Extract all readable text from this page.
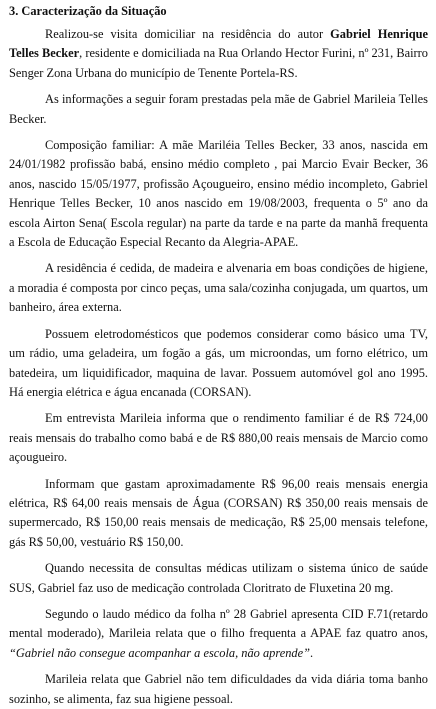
3. Caracterização da Situação

Realizou-se visita domiciliar na residência do autor Gabriel Henrique Telles Becker, residente e domiciliada na Rua Orlando Hector Furini, nº 231, Bairro Senger Zona Urbana do município de Tenente Portela-RS.

As informações a seguir foram prestadas pela mãe de Gabriel Marileia Telles Becker.

Composição familiar: A mãe Mariléia Telles Becker, 33 anos, nascida em 24/01/1982 profissão babá, ensino médio completo , pai Marcio Evair Becker, 36 anos, nascido 15/05/1977, profissão Açougueiro, ensino médio incompleto, Gabriel Henrique Telles Becker, 10 anos nascido em 19/08/2003, frequenta o 5º ano da escola Airton Sena( Escola regular) na parte da tarde e na parte da manhã frequenta a Escola de Educação Especial Recanto da Alegria-APAE.

A residência é cedida, de madeira e alvenaria em boas condições de higiene, a moradia é composta por cinco peças, uma sala/cozinha conjugada, um quartos, um banheiro, área externa.

Possuem eletrodomésticos que podemos considerar como básico uma TV, um rádio, uma geladeira, um fogão a gás, um microondas, um forno elétrico, um batedeira, um liquidificador, maquina de lavar. Possuem automóvel gol ano 1995. Há energia elétrica e água encanada (CORSAN).

Em entrevista Marileia informa que o rendimento familiar é de R$ 724,00 reais mensais do trabalho como babá e de R$ 880,00 reais mensais de Marcio como açougueiro.

Informam que gastam aproximadamente R$ 96,00 reais mensais energia elétrica, R$ 64,00 reais mensais de Água (CORSAN) R$ 350,00 reais mensais de supermercado, R$ 150,00 reais mensais de medicação, R$ 25,00 mensais telefone, gás R$ 50,00, vestuário R$ 150,00.

Quando necessita de consultas médicas utilizam o sistema único de saúde SUS, Gabriel faz uso de medicação controlada Cloritrato de Fluxetina 20 mg.

Segundo o laudo médico da folha nº 28 Gabriel apresenta CID F.71(retardo mental moderado), Marileia relata que o filho frequenta a APAE faz quatro anos, “Gabriel não consegue acompanhar a escola, não aprende”.

Marileia relata que Gabriel não tem dificuldades da vida diária toma banho sozinho, se alimenta, faz sua higiene pessoal.
